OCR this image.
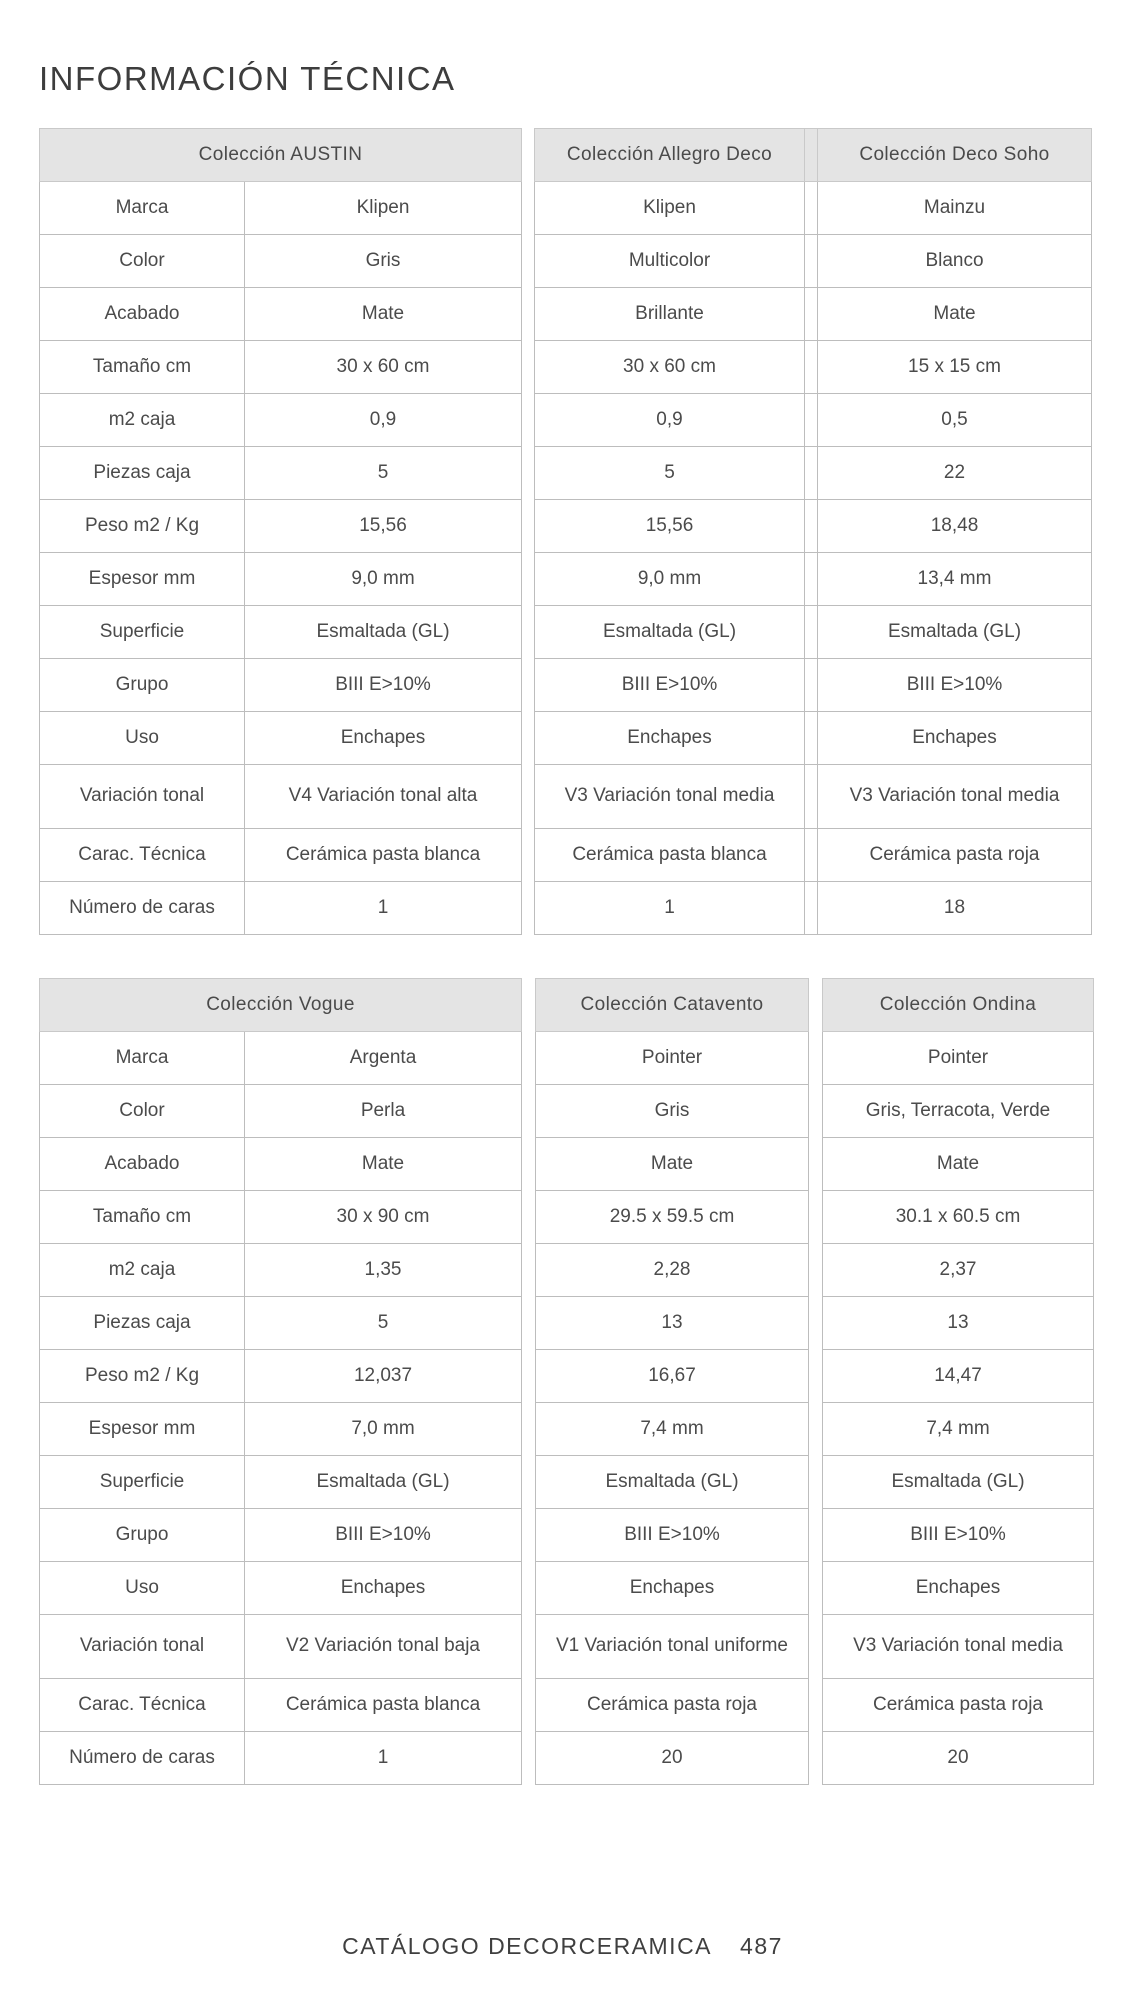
INFORMACIÓN TÉCNICA
Colección AUSTIN	
Marca	Klipen
Color	Gris
Acabado	Mate
Tamaño cm	30 x 60 cm
m2 caja	0,9
Piezas caja	5
Peso m2 / Kg	15,56
Espesor mm	9,0 mm
Superficie	Esmaltada (GL)
Grupo	BIII E>10%
Uso	Enchapes
Variación tonal	V4 Variación tonal alta
Carac. Técnica	Cerámica pasta blanca
Número de caras	1
Colección Allegro Deco		Colección Deco Soho
Klipen		Mainzu
Multicolor		Blanco
Brillante		Mate
30 x 60 cm		15 x 15 cm
0,9		0,5
5		22
15,56		18,48
9,0 mm		13,4 mm
Esmaltada (GL)		Esmaltada (GL)
BIII E>10%		BIII E>10%
Enchapes		Enchapes
V3 Variación tonal media		V3 Variación tonal media
Cerámica pasta blanca		Cerámica pasta roja
1		18
Colección Vogue	
Marca	Argenta
Color	Perla
Acabado	Mate
Tamaño cm	30 x 90 cm
m2 caja	1,35
Piezas caja	5
Peso m2 / Kg	12,037
Espesor mm	7,0 mm
Superficie	Esmaltada (GL)
Grupo	BIII E>10%
Uso	Enchapes
Variación tonal	V2 Variación tonal baja
Carac. Técnica	Cerámica pasta blanca
Número de caras	1
Colección Catavento
Pointer
Gris
Mate
29.5 x 59.5 cm
2,28
13
16,67
7,4 mm
Esmaltada (GL)
BIII E>10%
Enchapes
V1 Variación tonal uniforme
Cerámica pasta roja
20
Colección Ondina
Pointer
Gris, Terracota, Verde
Mate
30.1 x 60.5 cm
2,37
13
14,47
7,4 mm
Esmaltada (GL)
BIII E>10%
Enchapes
V3 Variación tonal media
Cerámica pasta roja
20
CATÁLOGO DECORCERAMICA 487
